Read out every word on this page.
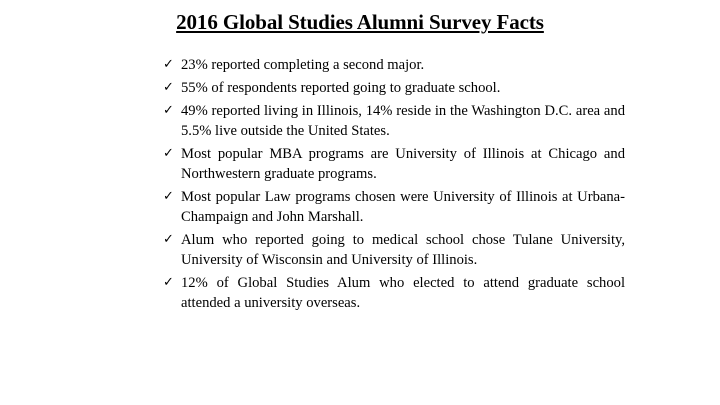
2016 Global Studies Alumni Survey Facts
✓ 23% reported completing a second major.
✓ 55% of respondents reported going to graduate school.
✓ 49% reported living in Illinois, 14% reside in the Washington D.C. area and 5.5% live outside the United States.
✓ Most popular MBA programs are University of Illinois at Chicago and Northwestern graduate programs.
✓ Most popular Law programs chosen were University of Illinois at Urbana-Champaign and John Marshall.
✓ Alum who reported going to medical school chose Tulane University, University of Wisconsin and University of Illinois.
✓ 12% of Global Studies Alum who elected to attend graduate school attended a university overseas.
